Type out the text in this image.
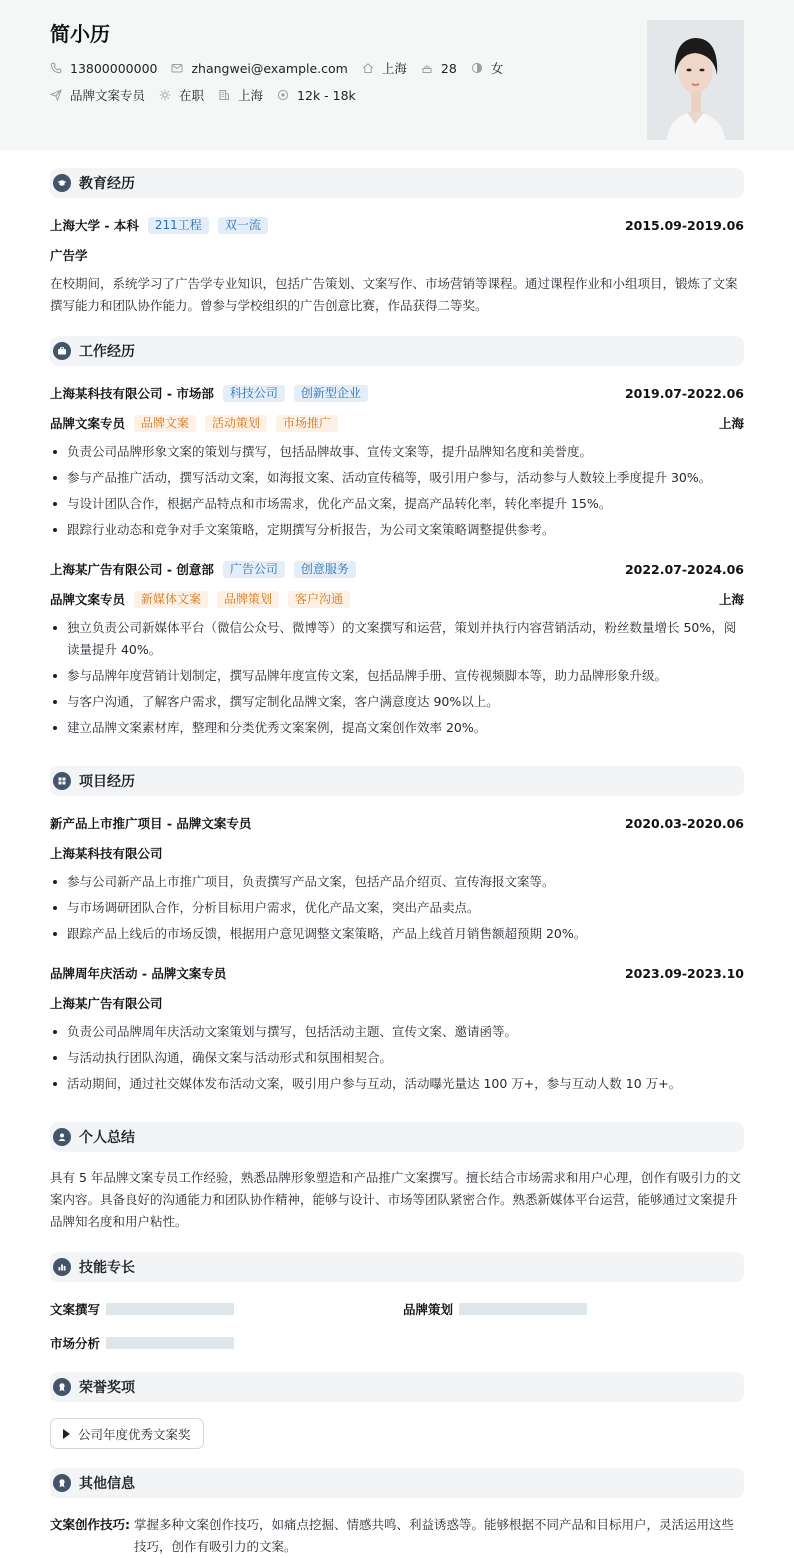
简小历
13800000000	zhangwei@example.com	上海	28	女
品牌文案专员	在职	上海	12k - 18k
教育经历
上海大学 - 本科	211工程	双一流	2015.09-2019.06
广告学
在校期间，系统学习了广告学专业知识，包括广告策划、文案写作、市场营销等课程。通过课程作业和小组项目，锻炼了文案撰写能力和团队协作能力。曾参与学校组织的广告创意比赛，作品获得二等奖。
工作经历
上海某科技有限公司 - 市场部	科技公司	创新型企业	2019.07-2022.06
品牌文案专员	品牌文案	活动策划	市场推广	上海
负责公司品牌形象文案的策划与撰写，包括品牌故事、宣传文案等，提升品牌知名度和美誉度。
参与产品推广活动，撰写活动文案，如海报文案、活动宣传稿等，吸引用户参与，活动参与人数较上季度提升 30%。
与设计团队合作，根据产品特点和市场需求，优化产品文案，提高产品转化率，转化率提升 15%。
跟踪行业动态和竞争对手文案策略，定期撰写分析报告，为公司文案策略调整提供参考。
上海某广告有限公司 - 创意部	广告公司	创意服务	2022.07-2024.06
品牌文案专员	新媒体文案	品牌策划	客户沟通	上海
独立负责公司新媒体平台（微信公众号、微博等）的文案撰写和运营，策划并执行内容营销活动，粉丝数量增长 50%，阅读量提升 40%。
参与品牌年度营销计划制定，撰写品牌年度宣传文案，包括品牌手册、宣传视频脚本等，助力品牌形象升级。
与客户沟通，了解客户需求，撰写定制化品牌文案，客户满意度达 90%以上。
建立品牌文案素材库，整理和分类优秀文案案例，提高文案创作效率 20%。
项目经历
新产品上市推广项目 - 品牌文案专员	2020.03-2020.06
上海某科技有限公司
参与公司新产品上市推广项目，负责撰写产品文案，包括产品介绍页、宣传海报文案等。
与市场调研团队合作，分析目标用户需求，优化产品文案，突出产品卖点。
跟踪产品上线后的市场反馈，根据用户意见调整文案策略，产品上线首月销售额超预期 20%。
品牌周年庆活动 - 品牌文案专员	2023.09-2023.10
上海某广告有限公司
负责公司品牌周年庆活动文案策划与撰写，包括活动主题、宣传文案、邀请函等。
与活动执行团队沟通，确保文案与活动形式和氛围相契合。
活动期间，通过社交媒体发布活动文案，吸引用户参与互动，活动曝光量达 100 万+，参与互动人数 10 万+。
个人总结
具有 5 年品牌文案专员工作经验，熟悉品牌形象塑造和产品推广文案撰写。擅长结合市场需求和用户心理，创作有吸引力的文案内容。具备良好的沟通能力和团队协作精神，能够与设计、市场等团队紧密合作。熟悉新媒体平台运营，能够通过文案提升品牌知名度和用户粘性。
技能专长
文案撰写	品牌策划
市场分析
荣誉奖项
公司年度优秀文案奖
其他信息
文案创作技巧: 掌握多种文案创作技巧，如痛点挖掘、情感共鸣、利益诱惑等。能够根据不同产品和目标用户，灵活运用这些技巧，创作有吸引力的文案。
